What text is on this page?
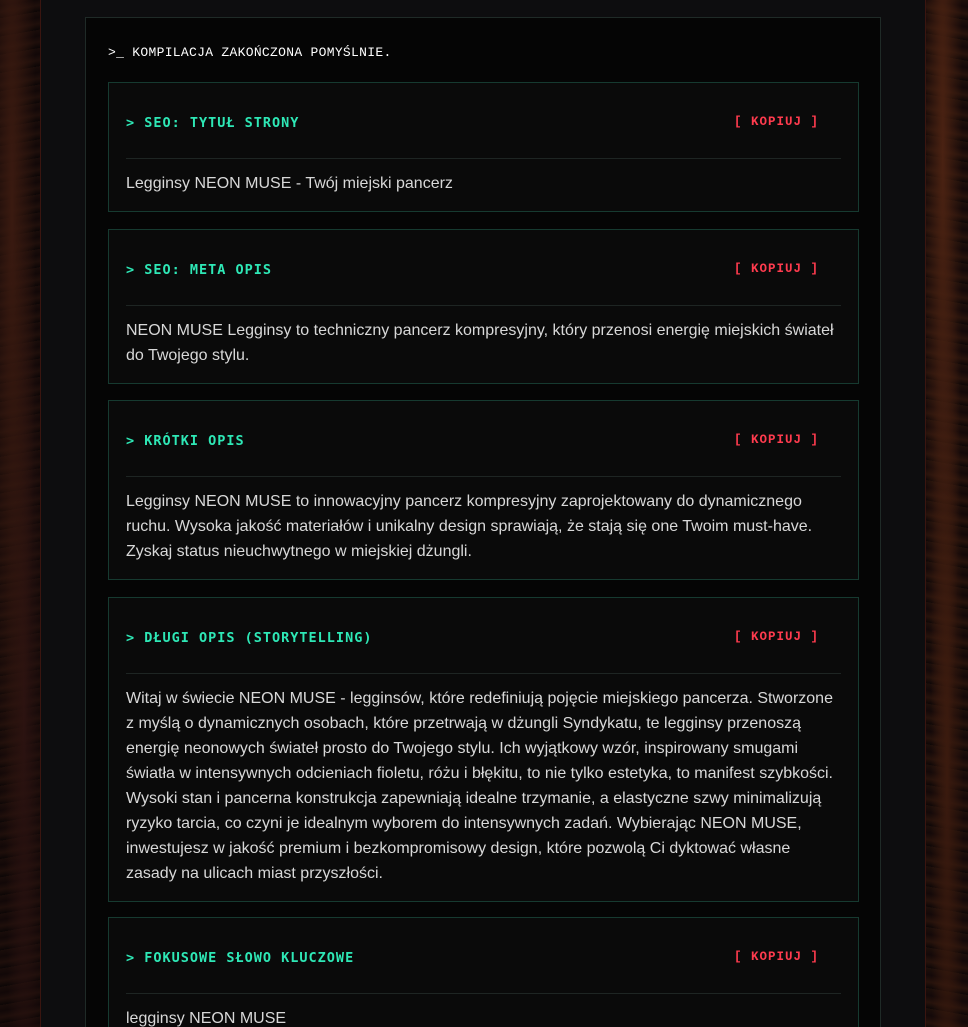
>_ KOMPILACJA ZAKOŃCZONA POMYŚLNIE.
> SEO: TYTUŁ STRONY	[ KOPIUJ ]
Legginsy NEON MUSE - Twój miejski pancerz
> SEO: META OPIS	[ KOPIUJ ]
NEON MUSE Legginsy to techniczny pancerz kompresyjny, który przenosi energię miejskich świateł do Twojego stylu.
> KRÓTKI OPIS	[ KOPIUJ ]
Legginsy NEON MUSE to innowacyjny pancerz kompresyjny zaprojektowany do dynamicznego ruchu. Wysoka jakość materiałów i unikalny design sprawiają, że stają się one Twoim must-have. Zyskaj status nieuchwytnego w miejskiej dżungli.
> DŁUGI OPIS (STORYTELLING)	[ KOPIUJ ]
Witaj w świecie NEON MUSE - legginsów, które redefiniują pojęcie miejskiego pancerza. Stworzone z myślą o dynamicznych osobach, które przetrwają w dżungli Syndykatu, te legginsy przenoszą energię neonowych świateł prosto do Twojego stylu. Ich wyjątkowy wzór, inspirowany smugami światła w intensywnych odcieniach fioletu, różu i błękitu, to nie tylko estetyka, to manifest szybkości. Wysoki stan i pancerna konstrukcja zapewniają idealne trzymanie, a elastyczne szwy minimalizują ryzyko tarcia, co czyni je idealnym wyborem do intensywnych zadań. Wybierając NEON MUSE, inwestujesz w jakość premium i bezkompromisowy design, które pozwolą Ci dyktować własne zasady na ulicach miast przyszłości.
> FOKUSOWE SŁOWO KLUCZOWE	[ KOPIUJ ]
legginsy NEON MUSE
